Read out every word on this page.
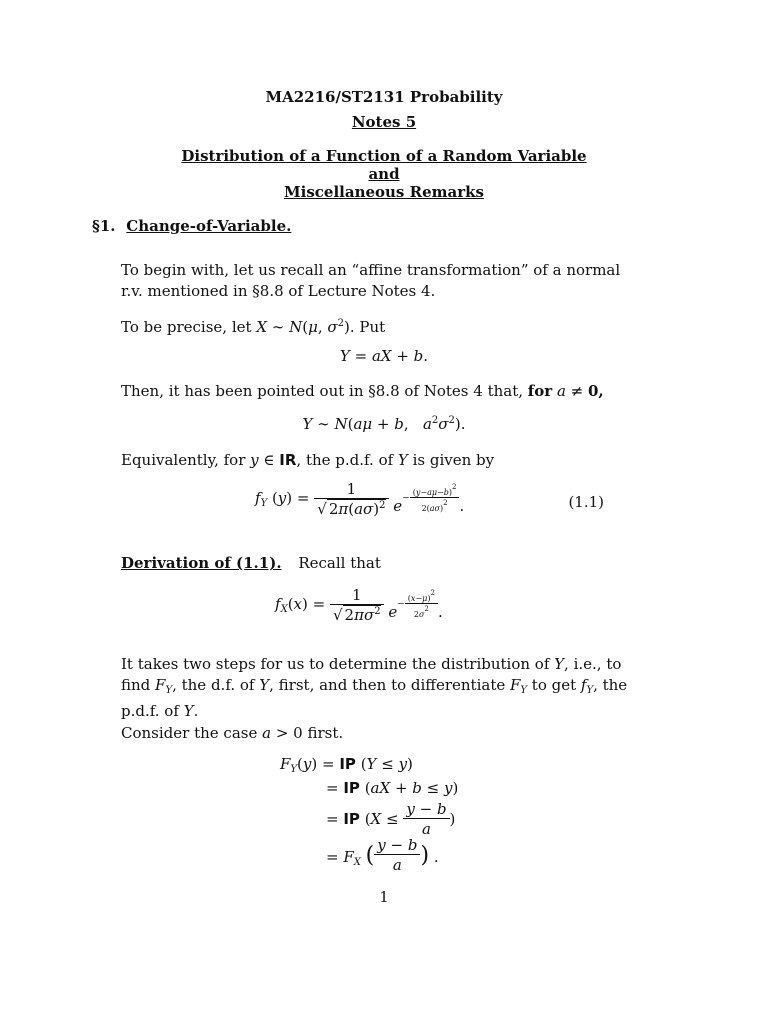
MA2216/ST2131 Probability
Notes 5
Distribution of a Function of a Random Variable
and
Miscellaneous Remarks
§1. Change-of-Variable.
To begin with, let us recall an “affine transformation” of a normal r.v. mentioned in §8.8 of Lecture Notes 4.
To be precise, let X ∼ N(μ, $\sigma^2$). Put
Y = aX + b.
Then, it has been pointed out in §8.8 of Notes 4 that, for a ≠ 0,
Y ∼ N(aμ + b,   $a^2\sigma^2$).
Equivalently, for y ∈ IR, the p.d.f. of Y is given by
$f_Y$ $(y) = \frac{1}{√ 2\pi(a\sigma)^2} e- \frac{(y-a\mu-b)^2}{2(a\sigma)^2}$ .	(1.1)
Derivation of (1.1). Recall that
$f_X(x) = \frac{1}{√ 2\pi\sigma^2} e- \frac{(x-\mu)^2}{2\sigma^2}$ .
It takes two steps for us to determine the distribution of Y, i.e., to find $F_Y$, the d.f. of Y, first, and then to differentiate $F_Y$ to get $f_Y$, the p.d.f. of Y.
Consider the case a > 0 first.
$F_Y(y)$ = IP (Y ≤ y)
= IP (aX + b ≤ y)
= IP ($X \le \frac{y - b}{a}$ )
= $F_X$ ( $\frac{y - b}{a}$ ) .
1
